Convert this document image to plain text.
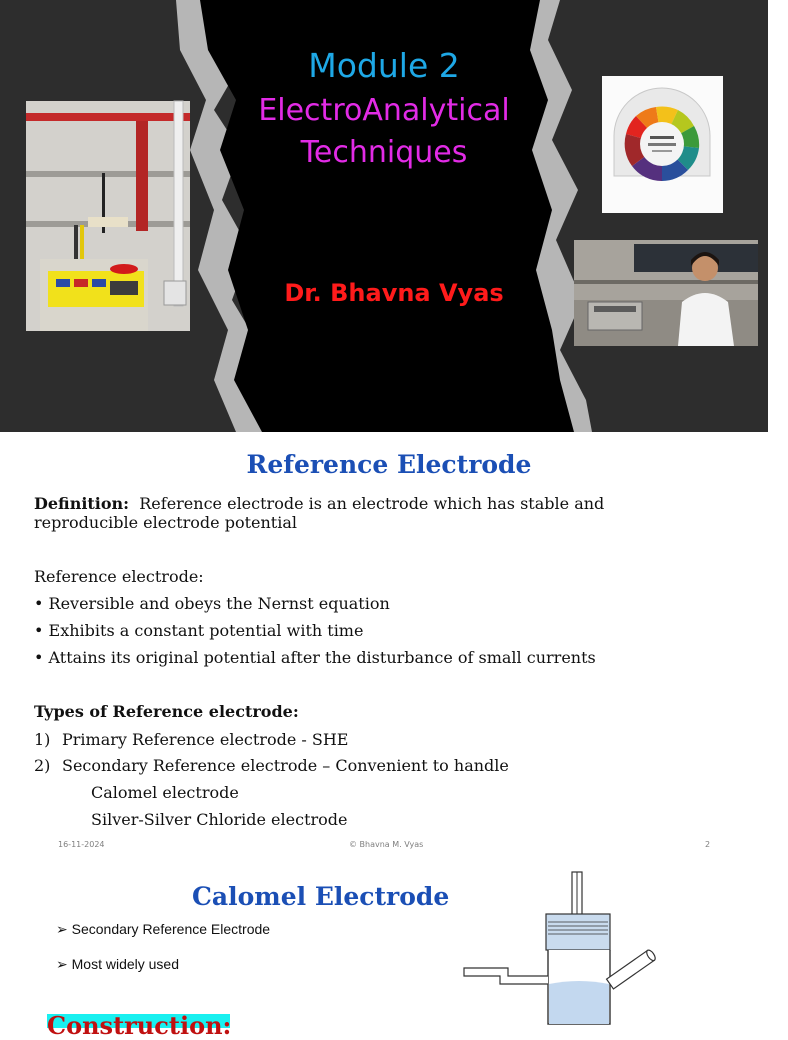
Module 2
ElectroAnalytical
Techniques
Dr. Bhavna Vyas
Reference Electrode
Definition: Reference electrode is an electrode which has stable and
reproducible electrode potential
Reference electrode:
• Reversible and obeys the Nernst equation
• Exhibits a constant potential with time
• Attains its original potential after the disturbance of small currents
Types of Reference electrode:
1) Primary Reference electrode - SHE
2) Secondary Reference electrode – Convenient to handle
Calomel electrode
Silver-Silver Chloride electrode
16-11-2024	© Bhavna M. Vyas	2
Calomel Electrode
➢ Secondary Reference Electrode
➢ Most widely used
Construction:
